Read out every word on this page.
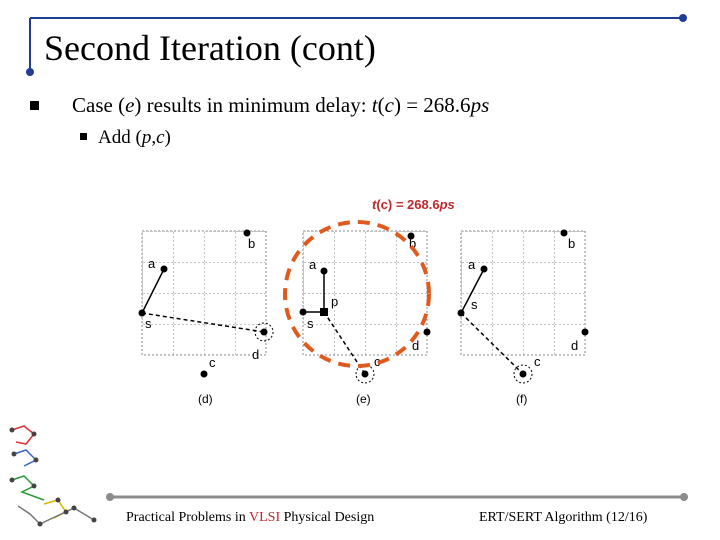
Second Iteration (cont)
Case (e) results in minimum delay: t(c) = 268.6ps
Add (p,c)
t(c) = 268.6ps
b
a
s
c
d
(d)
b
a
p
s
c
d
(e)
b
a
s
c
d
(f)
Practical Problems in VLSI Physical Design	ERT/SERT Algorithm (12/16)
